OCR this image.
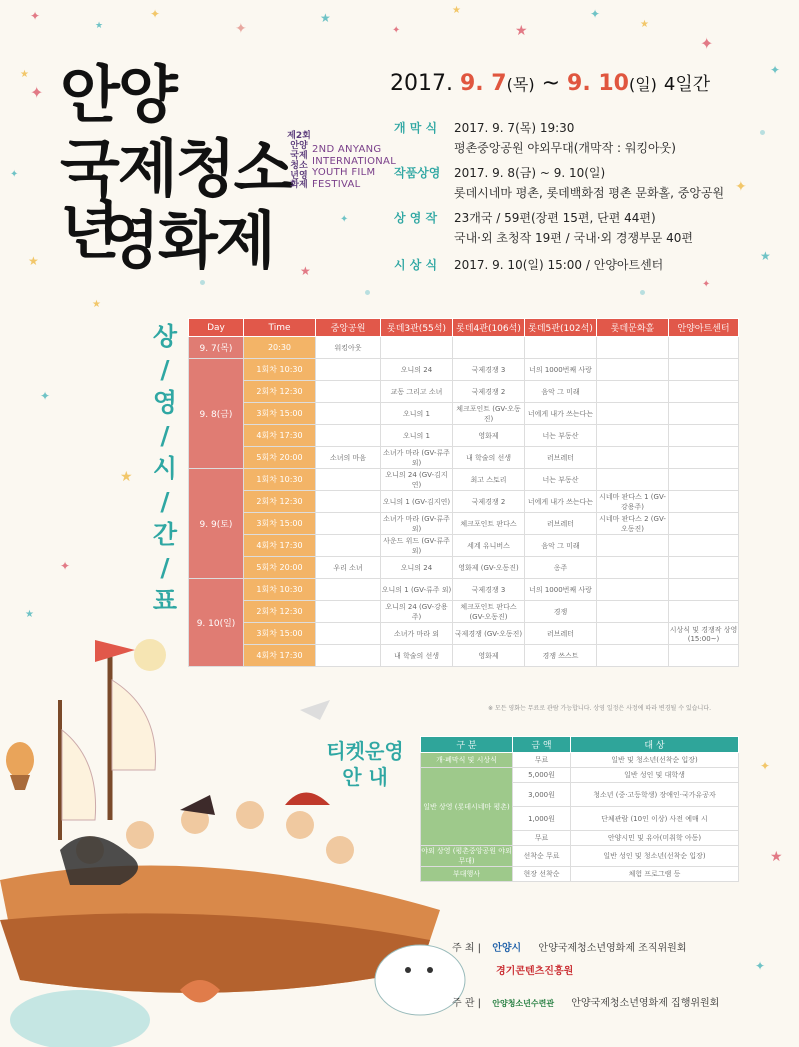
✦
★
✦
✦
★
✦
★
★
✦
★
✦
✦
★
✦
✦
★
✦
★
✦
★
✦
★
✦
★
✦
★
✦
★
✦
안양
국제청소년
영화제
제2회 안양국제청소년영화제
2ND ANYANG
INTERNATIONAL
YOUTH FILM
FESTIVAL
2017. 9. 7(목) ~ 9. 10(일) 4일간
개 막 식 2017. 9. 7(목) 19:30
평촌중앙공원 야외무대(개막작 : 워킹아웃)
작품상영 2017. 9. 8(금) ~ 9. 10(일)
롯데시네마 평촌, 롯데백화점 평촌 문화홀, 중앙공원
상 영 작 23개국 / 59편(장편 15편, 단편 44편)
국내·외 초청작 19편 / 국내·외 경쟁부문 40편
시 상 식 2017. 9. 10(일) 15:00 / 안양아트센터
상
/
영
/
시
/
간
/
표
Day	Time	중앙공원	롯데3관(55석)	롯데4관(106석)	롯데5관(102석)	롯데문화홀	안양아트센터
9. 7(목)	20:30	워킹아웃					
9. 8(금)	1회차 10:30		오니의 24	국제경쟁 3	너의 1000번째 사랑		
	2회차 12:30		교동 그리고 소녀	국제경쟁 2	음악 그 미래		
	3회차 15:00		오니의 1	체크포인트 (GV-오동진)	너에게 내가 쓰는다는		
	4회차 17:30		오니의 1	영화제	너는 부동산		
	5회차 20:00	소녀의 마음	소녀가 마라 (GV-류주 외)	내 학술의 선생	러브레터		
9. 9(토)	1회차 10:30		오니의 24 (GV-김지연)	최고 스토리	너는 부동산		
	2회차 12:30		오니의 1 (GV-김지연)	국제경쟁 2	너에게 내가 쓰는다는	시네마 판다스 1 (GV-강용주)	
	3회차 15:00		소녀가 마라 (GV-류주 외)	체크포인트 판다스	러브레터	시네마 판다스 2 (GV-오동진)	
	4회차 17:30		사운드 위드 (GV-류주 외)	세계 유니버스	음악 그 미래		
	5회차 20:00	우리 소녀	오니의 24	영화제 (GV-오동진)	옹주		
9. 10(일)	1회차 10:30		오니의 1 (GV-류주 외)	국제경쟁 3	너의 1000번째 사랑		
	2회차 12:30		오니의 24 (GV-강용주)	체크포인트 판다스 (GV-오동진)	경쟁		
	3회차 15:00		소녀가 마라 외	국제경쟁 (GV-오동진)	러브레터		시상식 및 경쟁작 상영 (15:00~)
	4회차 17:30		내 학술의 선생	영화제	경쟁 쓰스트		
※ 모든 영화는 무료로 관람 가능합니다. 상영 일정은 사정에 따라 변경될 수 있습니다.
티켓운영
안 내
구 분	금 액	대 상
개·폐막식 및 시상식	무료	일반 및 청소년(선착순 입장)
일반 상영 (롯데시네마 평촌)	5,000원	일반 성인 및 대학생
	3,000원	청소년 (중·고등학생) 장애인·국가유공자
	1,000원	단체관람 (10인 이상) 사전 예매 시
	무료	안양시민 및 유아(미취학 아동)
야외 상영 (평촌중앙공원 야외무대)	선착순 무료	일반 성인 및 청소년(선착순 입장)
부대행사	현장 선착순	체험 프로그램 등
주 최 | 안양시 안양국제청소년영화제 조직위원회
경기콘텐츠진흥원
주 관 | 안양청소년수련관 안양국제청소년영화제 집행위원회
